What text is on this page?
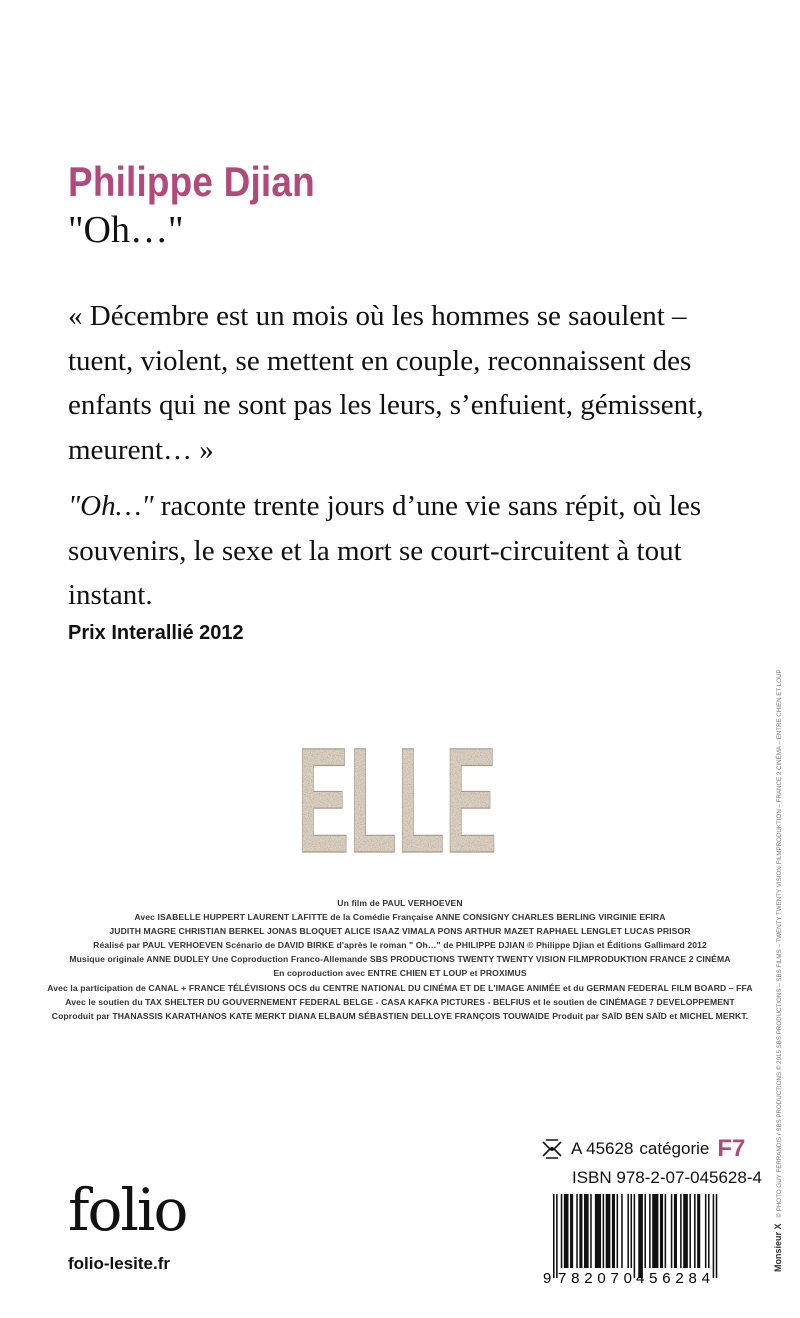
Philippe Djian
"Oh…"
« Décembre est un mois où les hommes se saoulent – tuent, violent, se mettent en couple, reconnaissent des enfants qui ne sont pas les leurs, s’enfuient, gémissent, meurent… »
"Oh…" raconte trente jours d’une vie sans répit, où les souvenirs, le sexe et la mort se court-circuitent à tout instant.
Prix Interallié 2012
ELLE
Un film de PAUL VERHOEVEN
Avec ISABELLE HUPPERT LAURENT LAFITTE de la Comédie Française ANNE CONSIGNY CHARLES BERLING VIRGINIE EFIRA
JUDITH MAGRE CHRISTIAN BERKEL JONAS BLOQUET ALICE ISAAZ VIMALA PONS ARTHUR MAZET RAPHAEL LENGLET LUCAS PRISOR
Réalisé par PAUL VERHOEVEN Scénario de DAVID BIRKE d'après le roman " Oh…" de PHILIPPE DJIAN © Philippe Djian et Éditions Gallimard 2012
Musique originale ANNE DUDLEY Une Coproduction Franco-Allemande SBS PRODUCTIONS TWENTY TWENTY VISION FILMPRODUKTION FRANCE 2 CINÉMA
En coproduction avec ENTRE CHIEN ET LOUP et PROXIMUS
Avec la participation de CANAL + FRANCE TÉLÉVISIONS OCS du CENTRE NATIONAL DU CINÉMA ET DE L'IMAGE ANIMÉE et du GERMAN FEDERAL FILM BOARD – FFA
Avec le soutien du TAX SHELTER DU GOUVERNEMENT FEDERAL BELGE - CASA KAFKA PICTURES - BELFIUS et le soutien de CINÉMAGE 7 DEVELOPPEMENT
Coproduit par THANASSIS KARATHANOS KATE MERKT DIANA ELBAUM SÉBASTIEN DELLOYE FRANÇOIS TOUWAIDE Produit par SAÏD BEN SAÏD et MICHEL MERKT.
Monsieur X© PHOTO GUY FERRANDIS / SBS PRODUCTIONS © 2015 SBS PRODUCTIONS – SBS FILMS – TWENTY TWENTY VISION FILMPRODUKTION – FRANCE 2 CINÉMA – ENTRE CHIEN ET LOUP
A 45628 catégorie F7
ISBN 978-2-07-045628-4
9 782070 456284
folio
folio-lesite.fr
